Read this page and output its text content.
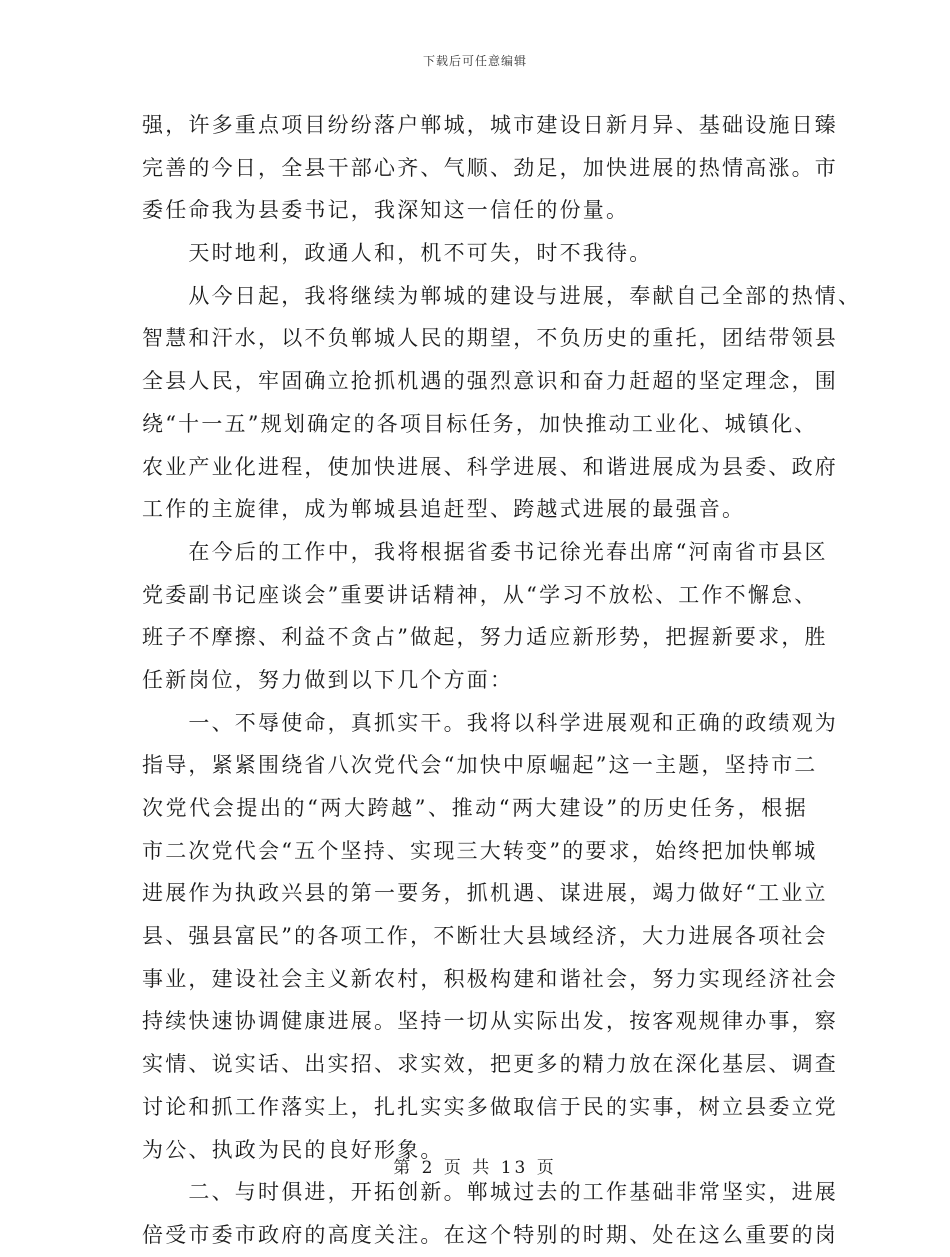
下载后可任意编辑
强，许多重点项目纷纷落户郸城，城市建设日新月异、基础设施日臻
完善的今日，全县干部心齐、气顺、劲足，加快进展的热情高涨。市
委任命我为县委书记，我深知这一信任的份量。
　　天时地利，政通人和，机不可失，时不我待。
　　从今日起，我将继续为郸城的建设与进展，奉献自己全部的热情、
智慧和汗水，以不负郸城人民的期望，不负历史的重托，团结带领县
全县人民，牢固确立抢抓机遇的强烈意识和奋力赶超的坚定理念，围
绕“十一五”规划确定的各项目标任务，加快推动工业化、城镇化、
农业产业化进程，使加快进展、科学进展、和谐进展成为县委、政府
工作的主旋律，成为郸城县追赶型、跨越式进展的最强音。
　　在今后的工作中，我将根据省委书记徐光春出席“河南省市县区
党委副书记座谈会”重要讲话精神，从“学习不放松、工作不懈怠、
班子不摩擦、利益不贪占”做起，努力适应新形势，把握新要求，胜
任新岗位，努力做到以下几个方面：
　　一、不辱使命，真抓实干。我将以科学进展观和正确的政绩观为
指导，紧紧围绕省八次党代会“加快中原崛起”这一主题，坚持市二
次党代会提出的“两大跨越”、推动“两大建设”的历史任务，根据
市二次党代会“五个坚持、实现三大转变”的要求，始终把加快郸城
进展作为执政兴县的第一要务，抓机遇、谋进展，竭力做好“工业立
县、强县富民”的各项工作，不断壮大县域经济，大力进展各项社会
事业，建设社会主义新农村，积极构建和谐社会，努力实现经济社会
持续快速协调健康进展。坚持一切从实际出发，按客观规律办事，察
实情、说实话、出实招、求实效，把更多的精力放在深化基层、调查
讨论和抓工作落实上，扎扎实实多做取信于民的实事，树立县委立党
为公、执政为民的良好形象。
　　二、与时俱进，开拓创新。郸城过去的工作基础非常坚实，进展
倍受市委市政府的高度关注。在这个特别的时期、处在这么重要的岗
第 2 页 共 13 页
